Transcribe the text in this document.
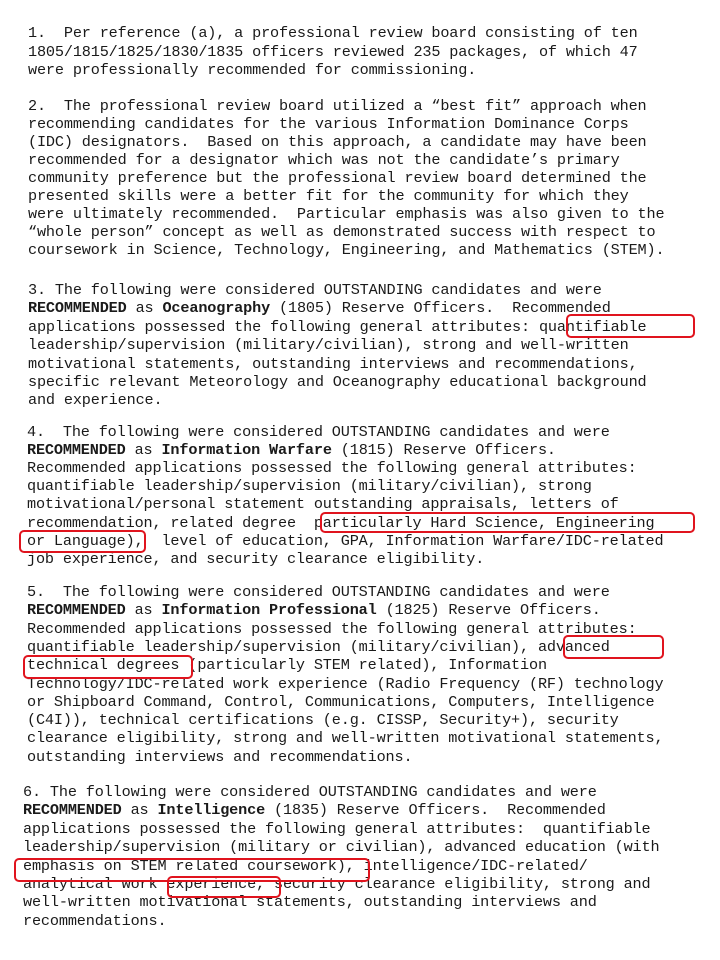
1.  Per reference (a), a professional review board consisting of ten
1805/1815/1825/1830/1835 officers reviewed 235 packages, of which 47
were professionally recommended for commissioning.
2.  The professional review board utilized a “best fit” approach when
recommending candidates for the various Information Dominance Corps
(IDC) designators.  Based on this approach, a candidate may have been
recommended for a designator which was not the candidate’s primary
community preference but the professional review board determined the
presented skills were a better fit for the community for which they
were ultimately recommended.  Particular emphasis was also given to the
“whole person” concept as well as demonstrated success with respect to
coursework in Science, Technology, Engineering, and Mathematics (STEM).
3. The following were considered OUTSTANDING candidates and were
RECOMMENDED as Oceanography (1805) Reserve Officers.  Recommended
applications possessed the following general attributes: quantifiable
leadership/supervision (military/civilian), strong and well-written
motivational statements, outstanding interviews and recommendations,
specific relevant Meteorology and Oceanography educational background
and experience.
4.  The following were considered OUTSTANDING candidates and were
RECOMMENDED as Information Warfare (1815) Reserve Officers.
Recommended applications possessed the following general attributes:
quantifiable leadership/supervision (military/civilian), strong
motivational/personal statement outstanding appraisals, letters of
recommendation, related degree  particularly Hard Science, Engineering
or Language),  level of education, GPA, Information Warfare/IDC-related
job experience, and security clearance eligibility.
5.  The following were considered OUTSTANDING candidates and were
RECOMMENDED as Information Professional (1825) Reserve Officers.
Recommended applications possessed the following general attributes:
quantifiable leadership/supervision (military/civilian), advanced
technical degrees (particularly STEM related), Information
Technology/IDC-related work experience (Radio Frequency (RF) technology
or Shipboard Command, Control, Communications, Computers, Intelligence
(C4I)), technical certifications (e.g. CISSP, Security+), security
clearance eligibility, strong and well-written motivational statements,
outstanding interviews and recommendations.
6. The following were considered OUTSTANDING candidates and were
RECOMMENDED as Intelligence (1835) Reserve Officers.  Recommended
applications possessed the following general attributes:  quantifiable
leadership/supervision (military or civilian), advanced education (with
emphasis on STEM related coursework), intelligence/IDC-related/
analytical work experience, security clearance eligibility, strong and
well-written motivational statements, outstanding interviews and
recommendations.
